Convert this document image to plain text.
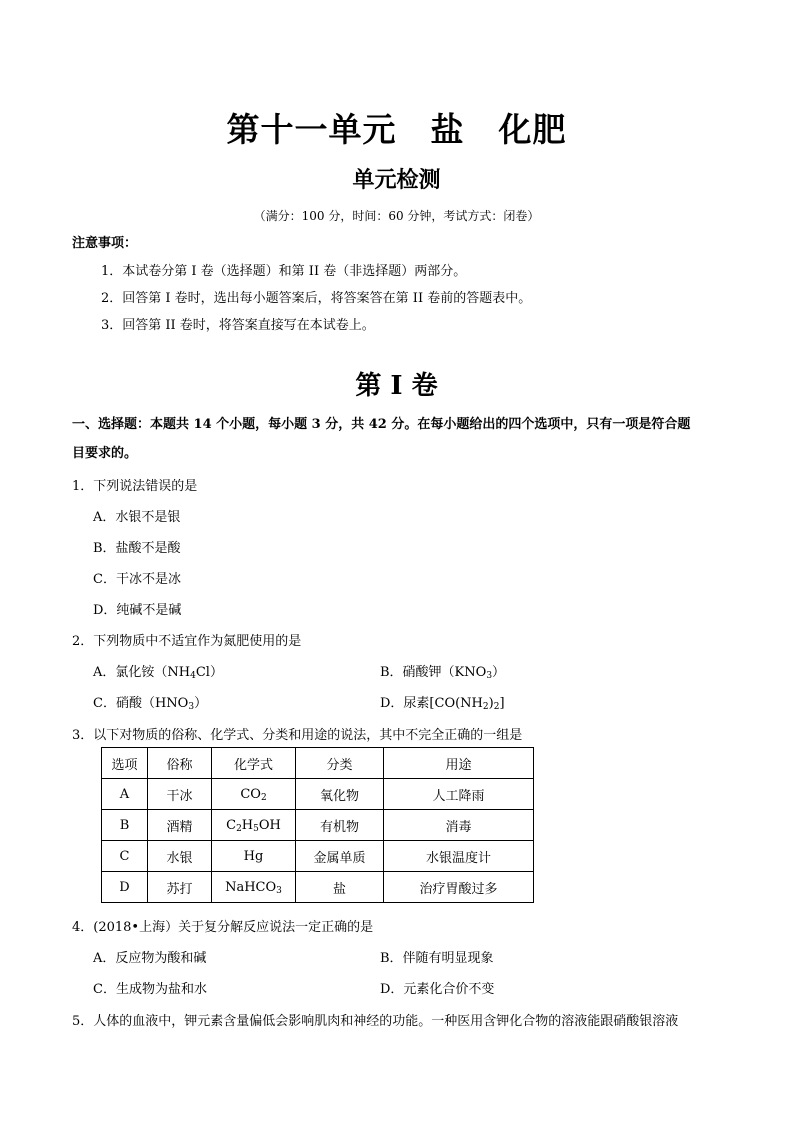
第十一单元　盐　化肥
单元检测
（满分：100 分，时间：60 分钟，考试方式：闭卷）
注意事项：
1．本试卷分第 I 卷（选择题）和第 II 卷（非选择题）两部分。
2．回答第 I 卷时，选出每小题答案后，将答案答在第 II 卷前的答题表中。
3．回答第 II 卷时，将答案直接写在本试卷上。
第 I 卷
一、选择题：本题共 14 个小题，每小题 3 分，共 42 分。在每小题给出的四个选项中，只有一项是符合题
目要求的。
1．下列说法错误的是
A．水银不是银
B．盐酸不是酸
C．干冰不是冰
D．纯碱不是碱
2．下列物质中不适宜作为氮肥使用的是
A．氯化铵$(NH_4Cl)$	B．硝酸钾$(KNO_3)$
C．硝酸$(HNO_3)$	D．尿素$[CO(NH_2)_2]$
3．以下对物质的俗称、化学式、分类和用途的说法，其中不完全正确的一组是
选项	俗称	化学式	分类	用途
A	干冰	$CO_2$	氧化物	人工降雨
B	酒精	$C_2H_5OH$	有机物	消毒
C	水银	Hg	金属单质	水银温度计
D	苏打	NaHCO$_3$	盐	治疗胃酸过多
4．(2018•上海）关于复分解反应说法一定正确的是
A．反应物为酸和碱	B．伴随有明显现象
C．生成物为盐和水	D．元素化合价不变
5．人体的血液中，钾元素含量偏低会影响肌肉和神经的功能。一种医用含钾化合物的溶液能跟硝酸银溶液
